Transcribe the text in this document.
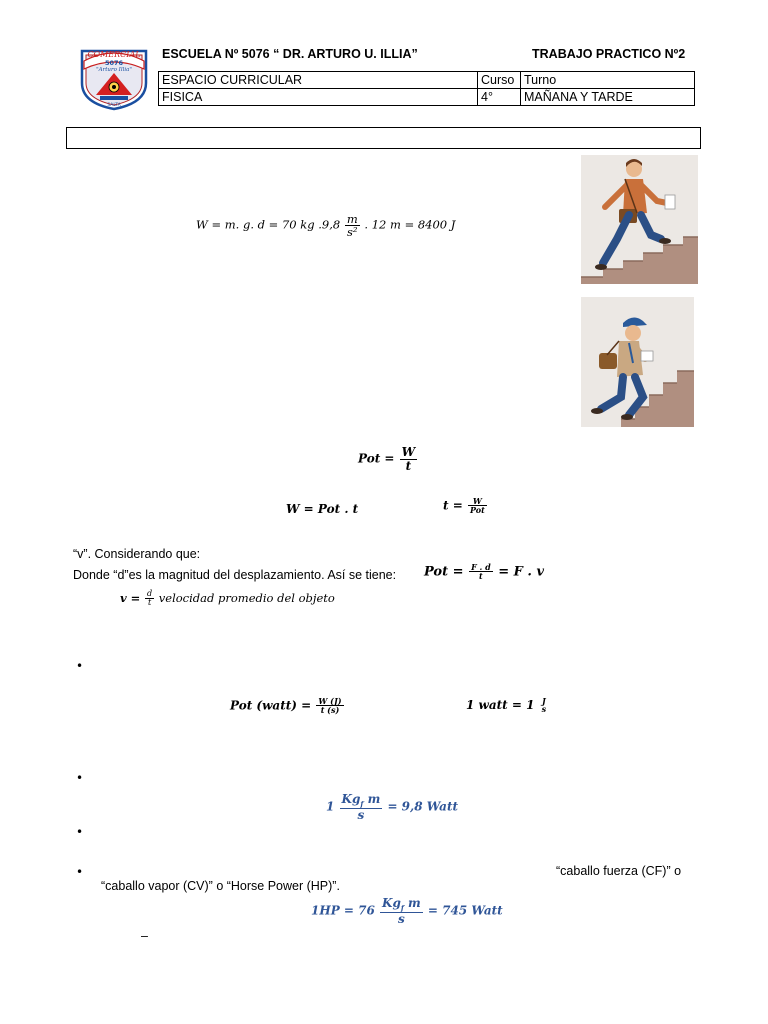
COMERCIAL
5076
"Arturo Illia"
SALTA
ESCUELA Nº 5076 “ DR. ARTURO U. ILLIA”	TRABAJO PRACTICO Nº2
ESPACIO CURRICULAR	Curso	Turno
FISICA	4°	MAÑANA Y TARDE
W = m. g. d = 70 kg $.9,8 \frac{m}{\text{s²}}$ . 12 m = 8400 J
Pot = $\frac{W}{t}$
W = Pot . t	$t = \frac{W}{\text{Pot}}$
“v”. Considerando que:
Donde “d”es la magnitud del desplazamiento. Así se tiene: Pot = $\frac{F . d}{t} = F$ . v
$v = \frac{d}{t}$ velocidad promedio del objeto
•
Pot (watt) = $\frac{W (J)}{t (s)}$	1 watt = 1 J
s
•
$1 \frac{Kg_f m}{s} = 9,8$ Watt
•
•	“caballo fuerza (CF)” o
“caballo vapor (CV)” o “Horse Power (HP)”.
$1HP = 76 \frac{Kg_f m}{s} = 745$ Watt
–
